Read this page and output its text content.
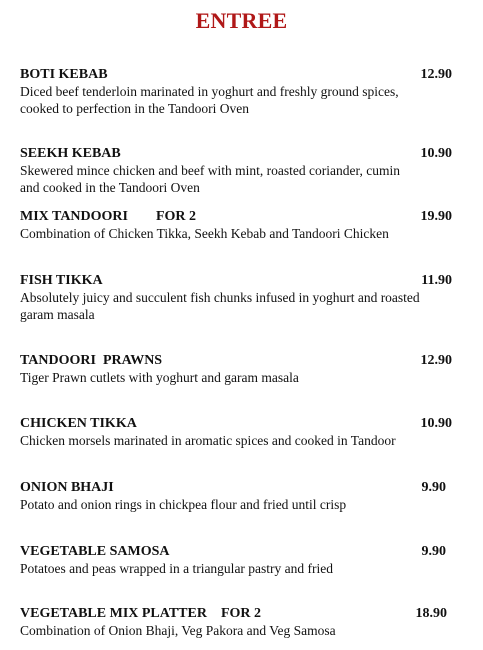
ENTREE
BOTI KEBAB	12.90
Diced beef tenderloin marinated in yoghurt and freshly ground spices, cooked to perfection in the Tandoori Oven
SEEKH KEBAB	10.90
Skewered mince chicken and beef with mint, roasted coriander, cumin and cooked in the Tandoori Oven
MIX TANDOORI        FOR 2	19.90
Combination of Chicken Tikka, Seekh Kebab and Tandoori Chicken
FISH TIKKA	11.90
Absolutely juicy and succulent fish chunks infused in yoghurt and roasted garam masala
TANDOORI  PRAWNS	12.90
Tiger Prawn cutlets with yoghurt and garam masala
CHICKEN TIKKA	10.90
Chicken morsels marinated in aromatic spices and cooked in Tandoor
ONION BHAJI	9.90
Potato and onion rings in chickpea flour and fried until crisp
VEGETABLE SAMOSA	9.90
Potatoes and peas wrapped in a triangular pastry and fried
VEGETABLE MIX PLATTER    FOR 2	18.90
Combination of Onion Bhaji, Veg Pakora and Veg Samosa
